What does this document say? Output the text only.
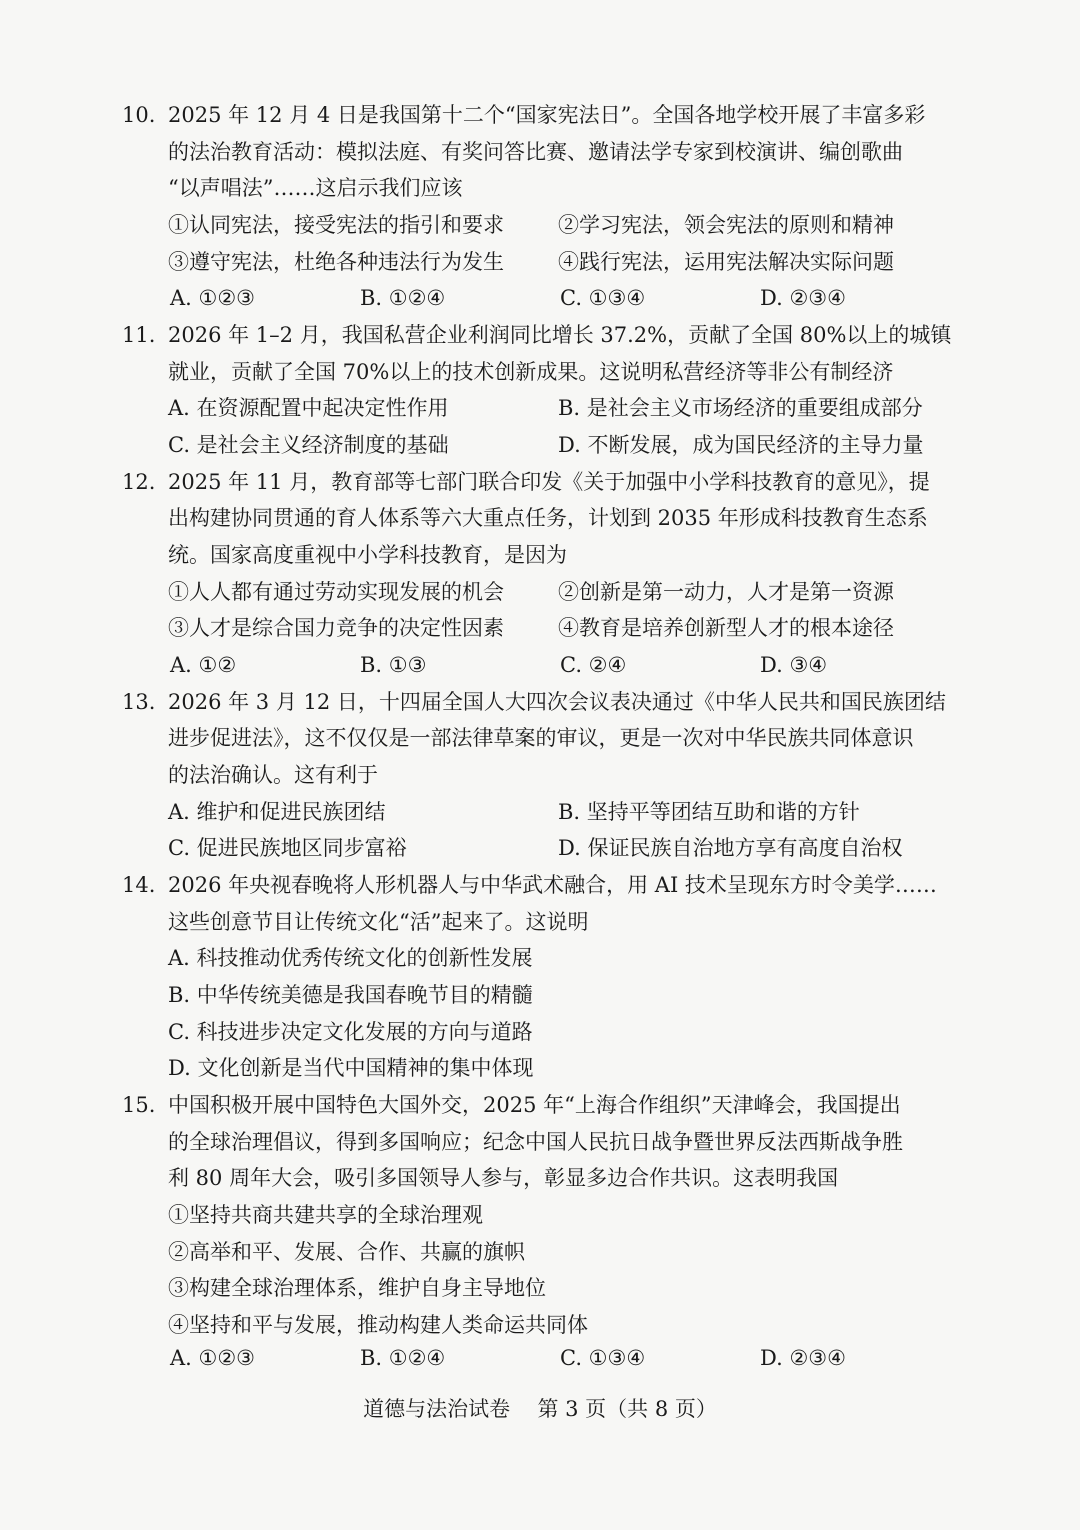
10. 2025 年 12 月 4 日是我国第十二个“国家宪法日”。全国各地学校开展了丰富多彩
的法治教育活动：模拟法庭、有奖问答比赛、邀请法学专家到校演讲、编创歌曲
“以声唱法”……这启示我们应该
①认同宪法，接受宪法的指引和要求	②学习宪法，领会宪法的原则和精神
③遵守宪法，杜绝各种违法行为发生	④践行宪法，运用宪法解决实际问题
A. ①②③	B. ①②④	C. ①③④	D. ②③④
11. 2026 年 1–2 月，我国私营企业利润同比增长 37.2%，贡献了全国 80%以上的城镇
就业，贡献了全国 70%以上的技术创新成果。这说明私营经济等非公有制经济
A. 在资源配置中起决定性作用	B. 是社会主义市场经济的重要组成部分
C. 是社会主义经济制度的基础	D. 不断发展，成为国民经济的主导力量
12. 2025 年 11 月，教育部等七部门联合印发《关于加强中小学科技教育的意见》，提
出构建协同贯通的育人体系等六大重点任务，计划到 2035 年形成科技教育生态系
统。国家高度重视中小学科技教育，是因为
①人人都有通过劳动实现发展的机会	②创新是第一动力，人才是第一资源
③人才是综合国力竞争的决定性因素	④教育是培养创新型人才的根本途径
A. ①②	B. ①③	C. ②④	D. ③④
13. 2026 年 3 月 12 日，十四届全国人大四次会议表决通过《中华人民共和国民族团结
进步促进法》，这不仅仅是一部法律草案的审议，更是一次对中华民族共同体意识
的法治确认。这有利于
A. 维护和促进民族团结	B. 坚持平等团结互助和谐的方针
C. 促进民族地区同步富裕	D. 保证民族自治地方享有高度自治权
14. 2026 年央视春晚将人形机器人与中华武术融合，用 AI 技术呈现东方时令美学……
这些创意节目让传统文化“活”起来了。这说明
A. 科技推动优秀传统文化的创新性发展
B. 中华传统美德是我国春晚节目的精髓
C. 科技进步决定文化发展的方向与道路
D. 文化创新是当代中国精神的集中体现
15. 中国积极开展中国特色大国外交，2025 年“上海合作组织”天津峰会，我国提出
的全球治理倡议，得到多国响应；纪念中国人民抗日战争暨世界反法西斯战争胜
利 80 周年大会，吸引多国领导人参与，彰显多边合作共识。这表明我国
①坚持共商共建共享的全球治理观
②高举和平、发展、合作、共赢的旗帜
③构建全球治理体系，维护自身主导地位
④坚持和平与发展，推动构建人类命运共同体
A. ①②③	B. ①②④	C. ①③④	D. ②③④
道德与法治试卷 第 3 页（共 8 页）
